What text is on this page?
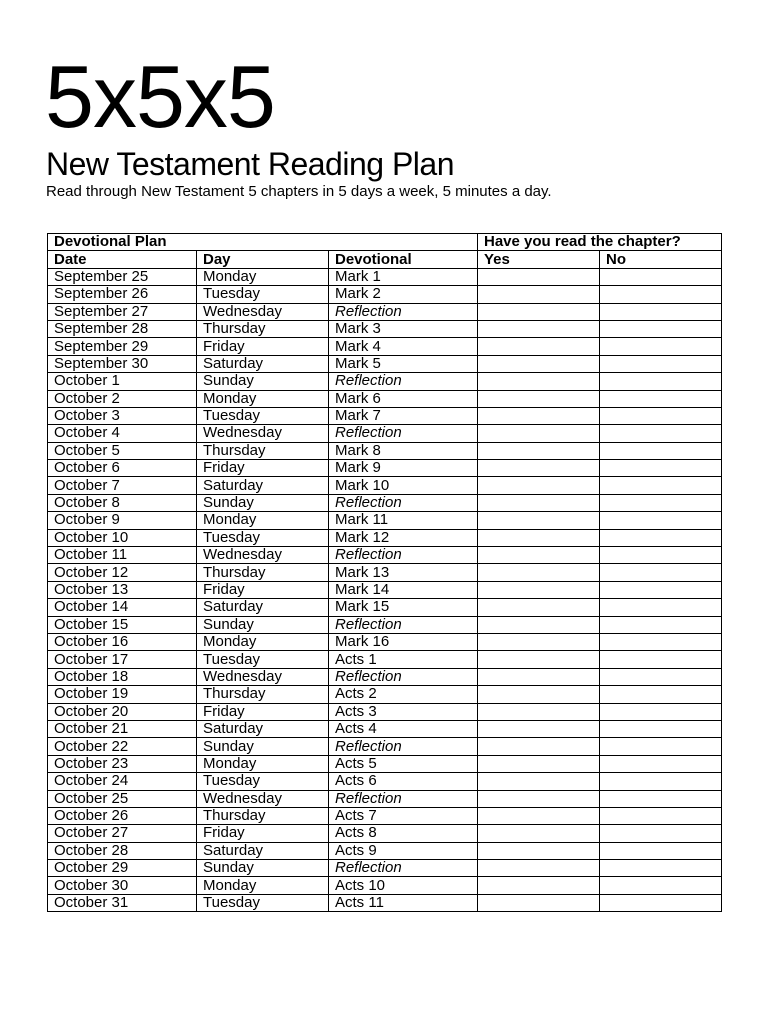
5x5x5
New Testament Reading Plan

Read through New Testament 5 chapters in 5 days a week, 5 minutes a day.

Devotional Plan			Have you read the chapter?	
Date	Day	Devotional	Yes	No
September 25	Monday	Mark 1		
September 26	Tuesday	Mark 2		
September 27	Wednesday	Reflection		
September 28	Thursday	Mark 3		
September 29	Friday	Mark 4		
September 30	Saturday	Mark 5		
October 1	Sunday	Reflection		
October 2	Monday	Mark 6		
October 3	Tuesday	Mark 7		
October 4	Wednesday	Reflection		
October 5	Thursday	Mark 8		
October 6	Friday	Mark 9		
October 7	Saturday	Mark 10		
October 8	Sunday	Reflection		
October 9	Monday	Mark 11		
October 10	Tuesday	Mark 12		
October 11	Wednesday	Reflection		
October 12	Thursday	Mark 13		
October 13	Friday	Mark 14		
October 14	Saturday	Mark 15		
October 15	Sunday	Reflection		
October 16	Monday	Mark 16		
October 17	Tuesday	Acts 1		
October 18	Wednesday	Reflection		
October 19	Thursday	Acts 2		
October 20	Friday	Acts 3		
October 21	Saturday	Acts 4		
October 22	Sunday	Reflection		
October 23	Monday	Acts 5		
October 24	Tuesday	Acts 6		
October 25	Wednesday	Reflection		
October 26	Thursday	Acts 7		
October 27	Friday	Acts 8		
October 28	Saturday	Acts 9		
October 29	Sunday	Reflection		
October 30	Monday	Acts 10		
October 31	Tuesday	Acts 11		
